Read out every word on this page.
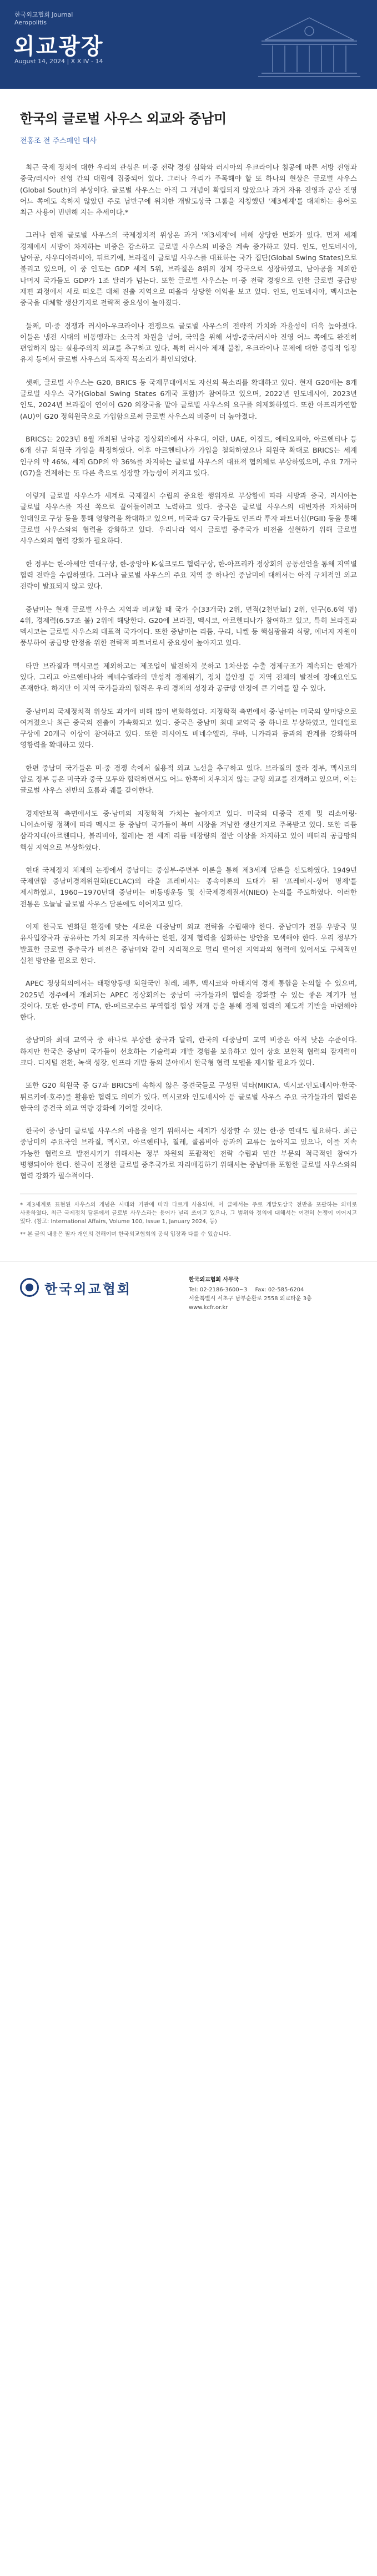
한국외교협회 Journal
Aeropolitis
외교광장
August 14, 2024 | X X IV - 14
한국의 글로벌 사우스 외교와 중남미
전홍조 전 주스페인 대사

최근 국제 정치에 대한 우리의 관심은 미·중 전략 경쟁 심화와 러시아의 우크라이나 침공에 따른 서방 진영과 중국/러시아 진영 간의 대립에 집중되어 있다. 그러나 우리가 주목해야 할 또 하나의 현상은 글로벌 사우스(Global South)의 부상이다. 글로벌 사우스는 아직 그 개념이 확립되지 않았으나 과거 자유 진영과 공산 진영 어느 쪽에도 속하지 않았던 주로 남반구에 위치한 개발도상국 그룹을 지칭했던 '제3세계'를 대체하는 용어로 최근 사용이 빈번해 지는 추세이다.*

그러나 현재 글로벌 사우스의 국제정치적 위상은 과거 '제3세계'에 비해 상당한 변화가 있다. 먼저 세계 경제에서 서방이 차지하는 비중은 감소하고 글로벌 사우스의 비중은 계속 증가하고 있다. 인도, 인도네시아, 남아공, 사우디아라비아, 튀르키예, 브라질이 글로벌 사우스를 대표하는 국가 집단(Global Swing States)으로 불리고 있으며, 이 중 인도는 GDP 세계 5위, 브라질은 8위의 경제 강국으로 성장하였고, 남아공을 제외한 나머지 국가들도 GDP가 1조 달러가 넘는다. 또한 글로벌 사우스는 미·중 전략 경쟁으로 인한 글로벌 공급망 재편 과정에서 새로 떠오른 대체 진출 지역으로 떠올라 상당한 이익을 보고 있다. 인도, 인도네시아, 멕시코는 중국을 대체할 생산기지로 전략적 중요성이 높아졌다.

둘째, 미·중 경쟁과 러시아-우크라이나 전쟁으로 글로벌 사우스의 전략적 가치와 자율성이 더욱 높아졌다. 이들은 냉전 시대의 비동맹과는 소극적 차원을 넘어, 국익을 위해 서방-중국/러시아 진영 어느 쪽에도 완전히 편입하지 않는 실용주의적 외교를 추구하고 있다. 특히 러시아 제재 불참, 우크라이나 문제에 대한 중립적 입장 유지 등에서 글로벌 사우스의 독자적 목소리가 확인되었다.

셋째, 글로벌 사우스는 G20, BRICS 등 국제무대에서도 자신의 목소리를 확대하고 있다. 현재 G20에는 8개 글로벌 사우스 국가(Global Swing States 6개국 포함)가 참여하고 있으며, 2022년 인도네시아, 2023년 인도, 2024년 브라질이 연이어 G20 의장국을 맡아 글로벌 사우스의 요구를 의제화하였다. 또한 아프리카연합(AU)이 G20 정회원국으로 가입함으로써 글로벌 사우스의 비중이 더 높아졌다.

BRICS는 2023년 8월 개최된 남아공 정상회의에서 사우디, 이란, UAE, 이집트, 에티오피아, 아르헨티나 등 6개 신규 회원국 가입을 확정하였다. 이후 아르헨티나가 가입을 철회하였으나 회원국 확대로 BRICS는 세계 인구의 약 46%, 세계 GDP의 약 36%를 차지하는 글로벌 사우스의 대표적 협의체로 부상하였으며, 주요 7개국(G7)을 견제하는 또 다른 축으로 성장할 가능성이 커지고 있다.

이렇게 글로벌 사우스가 세계로 국제질서 수립의 중요한 행위자로 부상함에 따라 서방과 중국, 러시아는 글로벌 사우스를 자신 쪽으로 끌어들이려고 노력하고 있다. 중국은 글로벌 사우스의 대변자를 자처하며 일대일로 구상 등을 통해 영향력을 확대하고 있으며, 미국과 G7 국가들도 인프라 투자 파트너십(PGII) 등을 통해 글로벌 사우스와의 협력을 강화하고 있다. 우리나라 역시 글로벌 중추국가 비전을 실현하기 위해 글로벌 사우스와의 협력 강화가 필요하다.

한 정부는 한-아세안 연대구상, 한-중앙아 K-실크로드 협력구상, 한-아프리카 정상회의 공동선언을 통해 지역별 협력 전략을 수립하였다. 그러나 글로벌 사우스의 주요 지역 중 하나인 중남미에 대해서는 아직 구체적인 외교 전략이 발표되지 않고 있다.

중남미는 현재 글로벌 사우스 지역과 비교할 때 국가 수(33개국) 2위, 면적(2천만㎢) 2위, 인구(6.6억 명) 4위, 경제력(6.57조 불) 2위에 해당한다. G20에 브라질, 멕시코, 아르헨티나가 참여하고 있고, 특히 브라질과 멕시코는 글로벌 사우스의 대표적 국가이다. 또한 중남미는 리튬, 구리, 니켈 등 핵심광물과 식량, 에너지 자원이 풍부하여 공급망 안정을 위한 전략적 파트너로서 중요성이 높아지고 있다.

타만 브라질과 멕시코를 제외하고는 제조업이 발전하지 못하고 1차산품 수출 경제구조가 계속되는 한계가 있다. 그리고 아르헨티나와 베네수엘라의 만성적 경제위기, 정치 불안정 등 지역 전체의 발전에 장애요인도 존재한다. 하지만 이 지역 국가들과의 협력은 우리 경제의 성장과 공급망 안정에 큰 기여를 할 수 있다.

중·남미의 국제정치적 위상도 과거에 비해 많이 변화하였다. 지정학적 측면에서 중·남미는 미국의 앞마당으로 여겨졌으나 최근 중국의 진출이 가속화되고 있다. 중국은 중남미 최대 교역국 중 하나로 부상하였고, 일대일로 구상에 20개국 이상이 참여하고 있다. 또한 러시아도 베네수엘라, 쿠바, 니카라과 등과의 관계를 강화하며 영향력을 확대하고 있다.

한편 중남미 국가들은 미·중 경쟁 속에서 실용적 외교 노선을 추구하고 있다. 브라질의 룰라 정부, 멕시코의 암로 정부 등은 미국과 중국 모두와 협력하면서도 어느 한쪽에 치우치지 않는 균형 외교를 전개하고 있으며, 이는 글로벌 사우스 전반의 흐름과 궤를 같이한다.

경제안보적 측면에서도 중·남미의 지정학적 가치는 높아지고 있다. 미국의 대중국 견제 및 리쇼어링·니어쇼어링 정책에 따라 멕시코 등 중남미 국가들이 북미 시장을 겨냥한 생산기지로 주목받고 있다. 또한 리튬 삼각지대(아르헨티나, 볼리비아, 칠레)는 전 세계 리튬 매장량의 절반 이상을 차지하고 있어 배터리 공급망의 핵심 지역으로 부상하였다.

현대 국제정치 체제의 논쟁에서 중남미는 중심부-주변부 이론을 통해 제3세계 담론을 선도하였다. 1949년 국제연합 중남미경제위원회(ECLAC)의 라울 프레비시는 종속이론의 토대가 된 '프레비시-싱어 명제'를 제시하였고, 1960~1970년대 중남미는 비동맹운동 및 신국제경제질서(NIEO) 논의를 주도하였다. 이러한 전통은 오늘날 글로벌 사우스 담론에도 이어지고 있다.

이제 한국도 변화된 환경에 맞는 새로운 대중남미 외교 전략을 수립해야 한다. 중남미가 전통 우방국 및 유사입장국과 공유하는 가치 외교를 지속하는 한편, 경제 협력을 심화하는 방안을 모색해야 한다. 우리 정부가 발표한 글로벌 중추국가 비전은 중남미와 같이 지리적으로 멀리 떨어진 지역과의 협력에 있어서도 구체적인 실천 방안을 필요로 한다.

APEC 정상회의에서는 태평양동맹 회원국인 칠레, 페루, 멕시코와 아태지역 경제 통합을 논의할 수 있으며, 2025년 경주에서 개최되는 APEC 정상회의는 중남미 국가들과의 협력을 강화할 수 있는 좋은 계기가 될 것이다. 또한 한-중미 FTA, 한-메르코수르 무역협정 협상 재개 등을 통해 경제 협력의 제도적 기반을 마련해야 한다.

중남미와 최대 교역국 중 하나로 부상한 중국과 달리, 한국의 대중남미 교역 비중은 아직 낮은 수준이다. 하지만 한국은 중남미 국가들이 선호하는 기술력과 개발 경험을 보유하고 있어 상호 보완적 협력의 잠재력이 크다. 디지털 전환, 녹색 성장, 인프라 개발 등의 분야에서 한국형 협력 모델을 제시할 필요가 있다.

또한 G20 회원국 중 G7과 BRICS에 속하지 않은 중견국들로 구성된 믹타(MIKTA, 멕시코·인도네시아·한국·튀르키예·호주)를 활용한 협력도 의미가 있다. 멕시코와 인도네시아 등 글로벌 사우스 주요 국가들과의 협력은 한국의 중견국 외교 역량 강화에 기여할 것이다.

한국이 중·남미 글로벌 사우스의 마음을 얻기 위해서는 세계가 성장할 수 있는 한·중 연대도 필요하다. 최근 중남미의 주요국인 브라질, 멕시코, 아르헨티나, 칠레, 콜롬비아 등과의 교류는 높아지고 있으나, 이를 지속 가능한 협력으로 발전시키기 위해서는 정부 차원의 포괄적인 전략 수립과 민간 부문의 적극적인 참여가 병행되어야 한다. 한국이 진정한 글로벌 중추국가로 자리매김하기 위해서는 중남미를 포함한 글로벌 사우스와의 협력 강화가 필수적이다.

* 제3세계로 표현된 사우스의 개념은 시대와 기관에 따라 다르게 사용되며, 이 글에서는 주로 개발도상국 전반을 포괄하는 의미로 사용하였다. 최근 국제정치 담론에서 글로벌 사우스라는 용어가 널리 쓰이고 있으나, 그 범위와 정의에 대해서는 여전히 논쟁이 이어지고 있다. (참고: International Affairs, Volume 100, Issue 1, January 2024, 등)

** 본 글의 내용은 필자 개인의 견해이며 한국외교협회의 공식 입장과 다를 수 있습니다.

한국외교협회
한국외교협회 사무국
Tel: 02-2186-3600~3 Fax: 02-585-6204
서울특별시 서초구 남부순환로 2558 외교타운 3층
www.kcfr.or.kr
